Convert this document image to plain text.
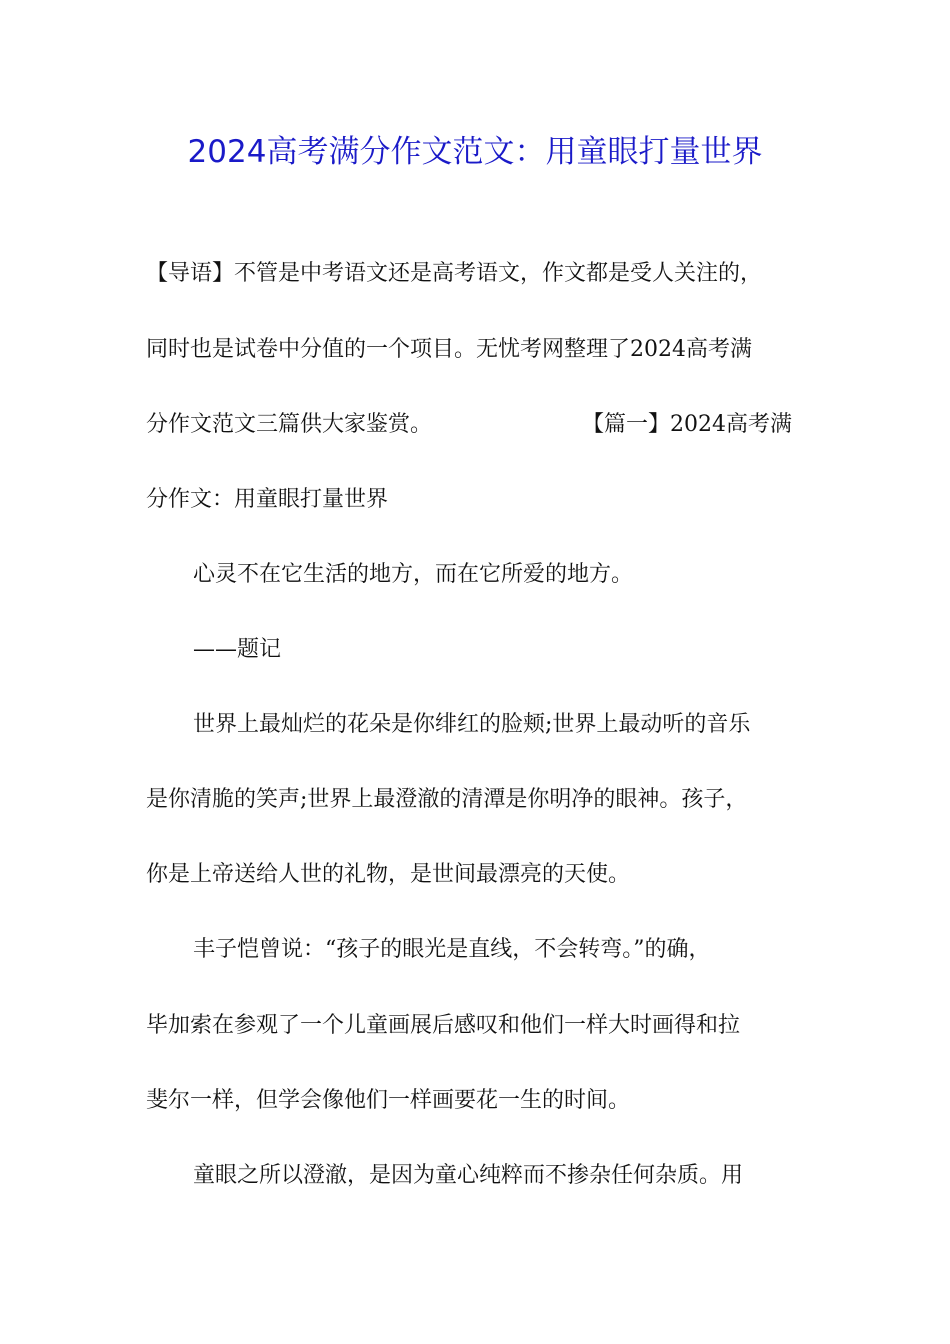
2024高考满分作文范文：用童眼打量世界
【导语】不管是中考语文还是高考语文，作文都是受人关注的，
同时也是试卷中分值的一个项目。无忧考网整理了2024高考满
分作文范文三篇供大家鉴赏。	【篇一】2024高考满
分作文：用童眼打量世界
心灵不在它生活的地方，而在它所爱的地方。
——题记
世界上最灿烂的花朵是你绯红的脸颊;世界上最动听的音乐
是你清脆的笑声;世界上最澄澈的清潭是你明净的眼神。孩子，
你是上帝送给人世的礼物，是世间最漂亮的天使。
丰子恺曾说：“孩子的眼光是直线，不会转弯。”的确，
毕加索在参观了一个儿童画展后感叹和他们一样大时画得和拉
斐尔一样，但学会像他们一样画要花一生的时间。
童眼之所以澄澈，是因为童心纯粹而不掺杂任何杂质。用
